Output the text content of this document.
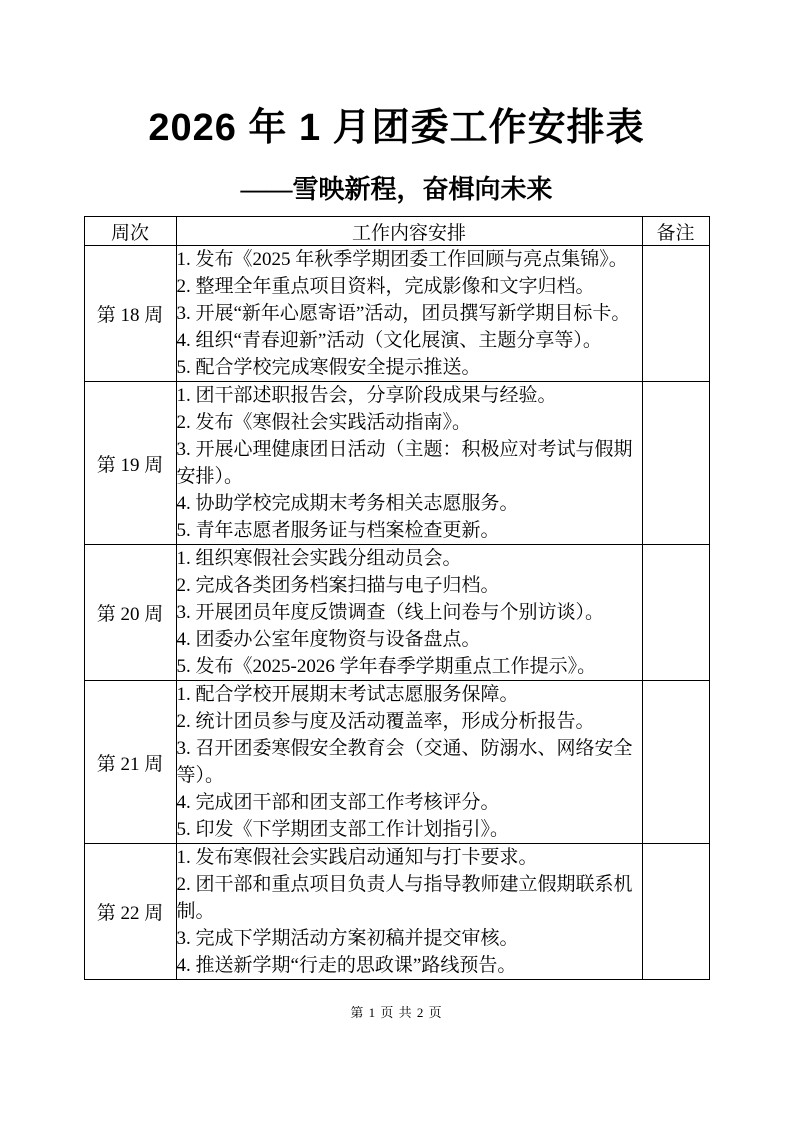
2026 年 1 月团委工作安排表
——雪映新程，奋楫向未来
周次	工作内容安排	备注
第 18 周	1. 发布《2025 年秋季学期团委工作回顾与亮点集锦》。
2. 整理全年重点项目资料，完成影像和文字归档。
3. 开展“新年心愿寄语”活动，团员撰写新学期目标卡。
4. 组织“青春迎新”活动（文化展演、主题分享等）。
5. 配合学校完成寒假安全提示推送。	

第 19 周	1. 团干部述职报告会，分享阶段成果与经验。
2. 发布《寒假社会实践活动指南》。
3. 开展心理健康团日活动（主题：积极应对考试与假期安排）。
4. 协助学校完成期末考务相关志愿服务。
5. 青年志愿者服务证与档案检查更新。	

第 20 周	1. 组织寒假社会实践分组动员会。
2. 完成各类团务档案扫描与电子归档。
3. 开展团员年度反馈调查（线上问卷与个别访谈）。
4. 团委办公室年度物资与设备盘点。
5. 发布《2025-2026 学年春季学期重点工作提示》。	

第 21 周	1. 配合学校开展期末考试志愿服务保障。
2. 统计团员参与度及活动覆盖率，形成分析报告。
3. 召开团委寒假安全教育会（交通、防溺水、网络安全等）。
4. 完成团干部和团支部工作考核评分。
5. 印发《下学期团支部工作计划指引》。	

第 22 周	1. 发布寒假社会实践启动通知与打卡要求。
2. 团干部和重点项目负责人与指导教师建立假期联系机制。
3. 完成下学期活动方案初稿并提交审核。
4. 推送新学期“行走的思政课”路线预告。	

第 1 页 共 2 页
